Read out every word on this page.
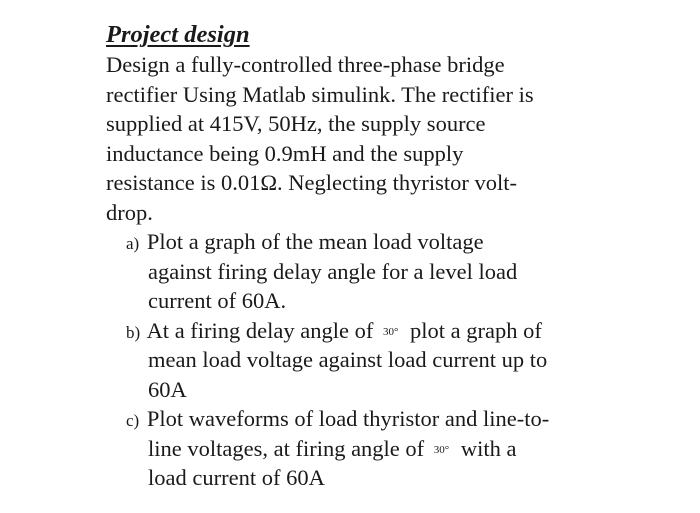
Project design
Design a fully-controlled three-phase bridge
rectifier Using Matlab simulink. The rectifier is
supplied at 415V, 50Hz, the supply source
inductance being 0.9mH and the supply
resistance is 0.01Ω. Neglecting thyristor volt-
drop.
a) Plot a graph of the mean load voltage
against firing delay angle for a level load
current of 60A.
b) At a firing delay angle of 30° plot a graph of
mean load voltage against load current up to
60A
c) Plot waveforms of load thyristor and line-to-
line voltages, at firing angle of 30° with a
load current of 60A
